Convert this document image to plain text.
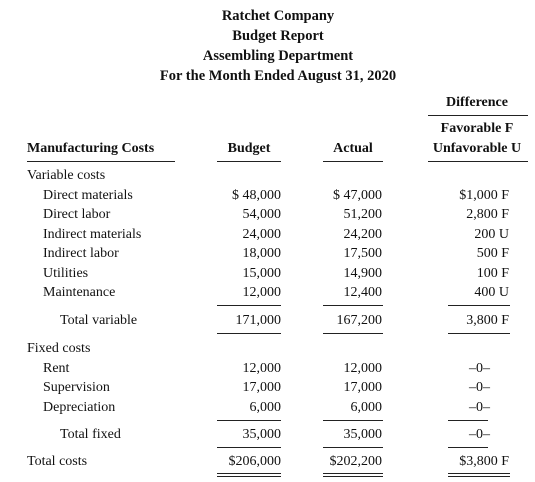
Ratchet Company
Budget Report
Assembling Department
For the Month Ended August 31, 2020
Difference
Favorable F
Unfavorable U
Manufacturing Costs	Budget	Actual
Variable costs
Direct materials	$ 48,000	$ 47,000	$1,000 F
Direct labor	54,000	51,200	2,800 F
Indirect materials	24,000	24,200	200 U
Indirect labor	18,000	17,500	500 F
Utilities	15,000	14,900	100 F
Maintenance	12,000	12,400	400 U
Total variable	171,000	167,200	3,800 F
Fixed costs
Rent	12,000	12,000	–0–
Supervision	17,000	17,000	–0–
Depreciation	6,000	6,000	–0–
Total fixed	35,000	35,000	–0–
Total costs	$206,000	$202,200	$3,800 F
